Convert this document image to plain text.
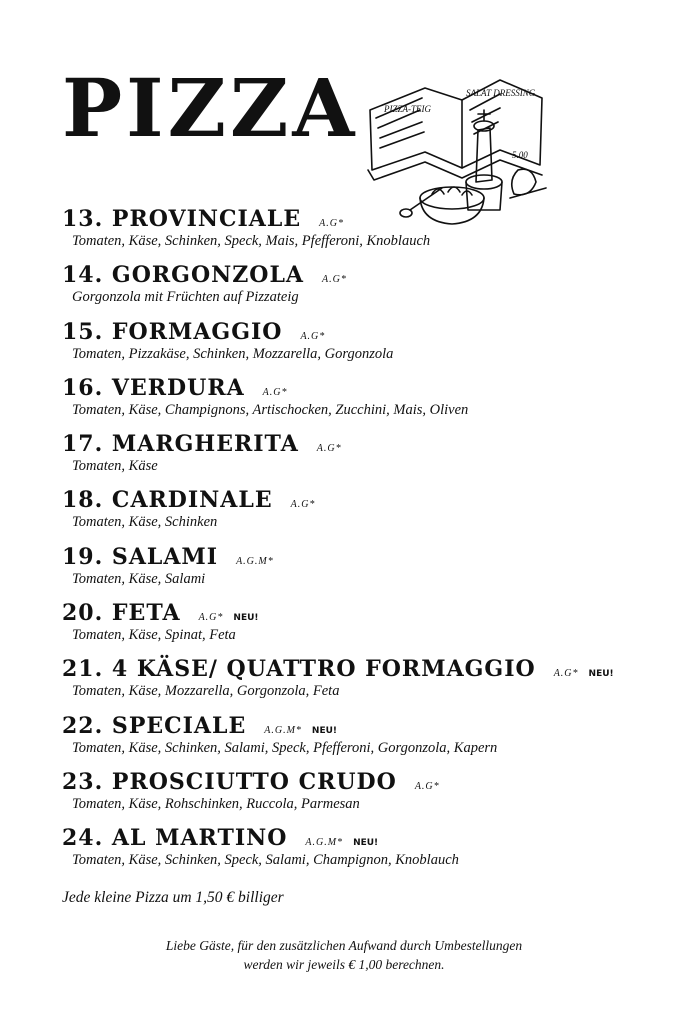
PIZZA	PIZZA-TEIG
SALAT DRESSING
5.00
13. PROVINCIALE A.G*
Tomaten, Käse, Schinken, Speck, Mais, Pfefferoni, Knoblauch
14. GORGONZOLA A.G*
Gorgonzola mit Früchten auf Pizzateig
15. FORMAGGIO A.G*
Tomaten, Pizzakäse, Schinken, Mozzarella, Gorgonzola
16. VERDURA A.G*
Tomaten, Käse, Champignons, Artischocken, Zucchini, Mais, Oliven
17. MARGHERITA A.G*
Tomaten, Käse
18. CARDINALE A.G*
Tomaten, Käse, Schinken
19. SALAMI A.G.M*
Tomaten, Käse, Salami
20. FETA A.G* NEU!
Tomaten, Käse, Spinat, Feta
21. 4 KÄSE/ QUATTRO FORMAGGIO A.G* NEU!
Tomaten, Käse, Mozzarella, Gorgonzola, Feta
22. SPECIALE A.G.M* NEU!
Tomaten, Käse, Schinken, Salami, Speck, Pfefferoni, Gorgonzola, Kapern
23. PROSCIUTTO CRUDO A.G*
Tomaten, Käse, Rohschinken, Ruccola, Parmesan
24. AL MARTINO A.G.M* NEU!
Tomaten, Käse, Schinken, Speck, Salami, Champignon, Knoblauch
Jede kleine Pizza um 1,50 € billiger
Liebe Gäste, für den zusätzlichen Aufwand durch Umbestellungen
werden wir jeweils € 1,00 berechnen.
